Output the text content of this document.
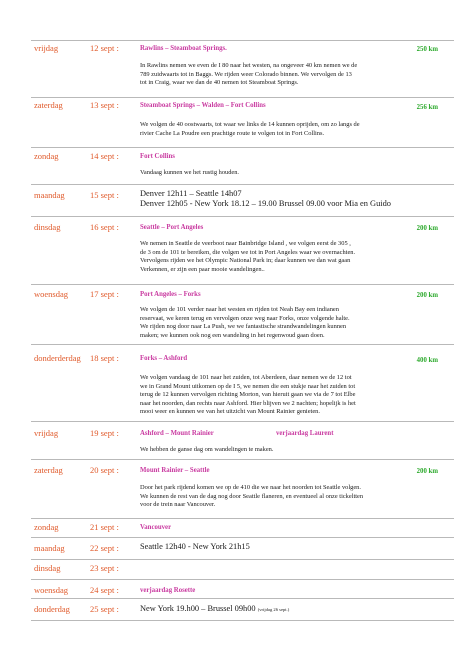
vrijdag	12 sept :	Rawlins – Steamboat Springs.	250 km
In Rawlins nemen we even de I 80 naar het westen, na ongeveer 40 km nemen we de
789 zuidwaarts tot in Baggs. We rijden weer Colorado binnen. We vervolgen de 13
tot in Craig, waar we dan de 40 nemen tot Steamboat Springs.
zaterdag	13 sept :	Steamboat Springs – Walden – Fort Collins	256 km
We volgen de 40 oostwaarts, tot waar we links de 14 kunnen oprijden, om zo langs de
rivier Cache La Poudre een prachtige route te volgen tot in Fort Collins.
zondag	14 sept :	Fort Collins
Vandaag kunnen we het rustig houden.
maandag	15 sept :	Denver 12h11 – Seattle 14h07
Denver 12h05 - New York 18.12 – 19.00 Brussel 09.00 voor Mia en Guido
dinsdag	16 sept :	Seattle – Port Angeles	200 km
We nemen in Seattle de veerboot naar Bainbridge Island , we volgen eerst de 305 ,
de 3 om de 101 te bereiken, die volgen we tot in Port Angeles waar we overnachten.
Vervolgens rijden we het Olympic National Park in; daar kunnen we dan wat gaan
Verkennen, er zijn een paar mooie wandelingen..
woensdag	17 sept :	Port Angeles – Forks	200 km
We volgen de 101 verder naar het westen en rijden tot Neah Bay een indianen
reservaat, we keren terug en vervolgen onze weg naar Forks, onze volgende halte.
We rijden nog door naar La Push, we we fantastische strandwandelingen kunnen
maken; we kunnen ook nog een wandeling in het regenwoud gaan doen.
donderderdag 18 sept :	Forks – Ashford	400 km
We volgen vandaag de 101 naar het zuiden, tot Aberdeen, daar nemen we de 12 tot
we in Grand Mount uitkomen op de I 5, we nemen die een stukje naar het zuiden tot
terug de 12 kunnen vervolgen richting Morton, van hieruit gaan we via de 7 tot Elbe
naar het noorden, dan rechts naar Ashford. Hier blijven we 2 nachten; hopelijk is het
mooi weer en kunnen we van het uitzicht van Mount Rainier genieten.
vrijdag	19 sept :	Ashford – Mount Rainier	verjaardag Laurent
We hebben de ganse dag om wandelingen te maken.
zaterdag	20 sept :	Mount Rainier – Seattle	200 km
Door het park rijdend komen we op de 410 die we naar het noorden tot Seattle volgen.
We kunnen de rest van de dag nog door Seattle flaneren, en eventueel al onze tickeltten
voor de trein naar Vancouver.
zondag	21 sept :	Vancouver
maandag	22 sept :	Seattle 12h40 - New York 21h15
dinsdag	23 sept :
woensdag	24 sept :	verjaardag Rosette
donderdag 25 sept :	New York 19.h00 – Brussel 09h00 (vrijdag 26 sept.)
